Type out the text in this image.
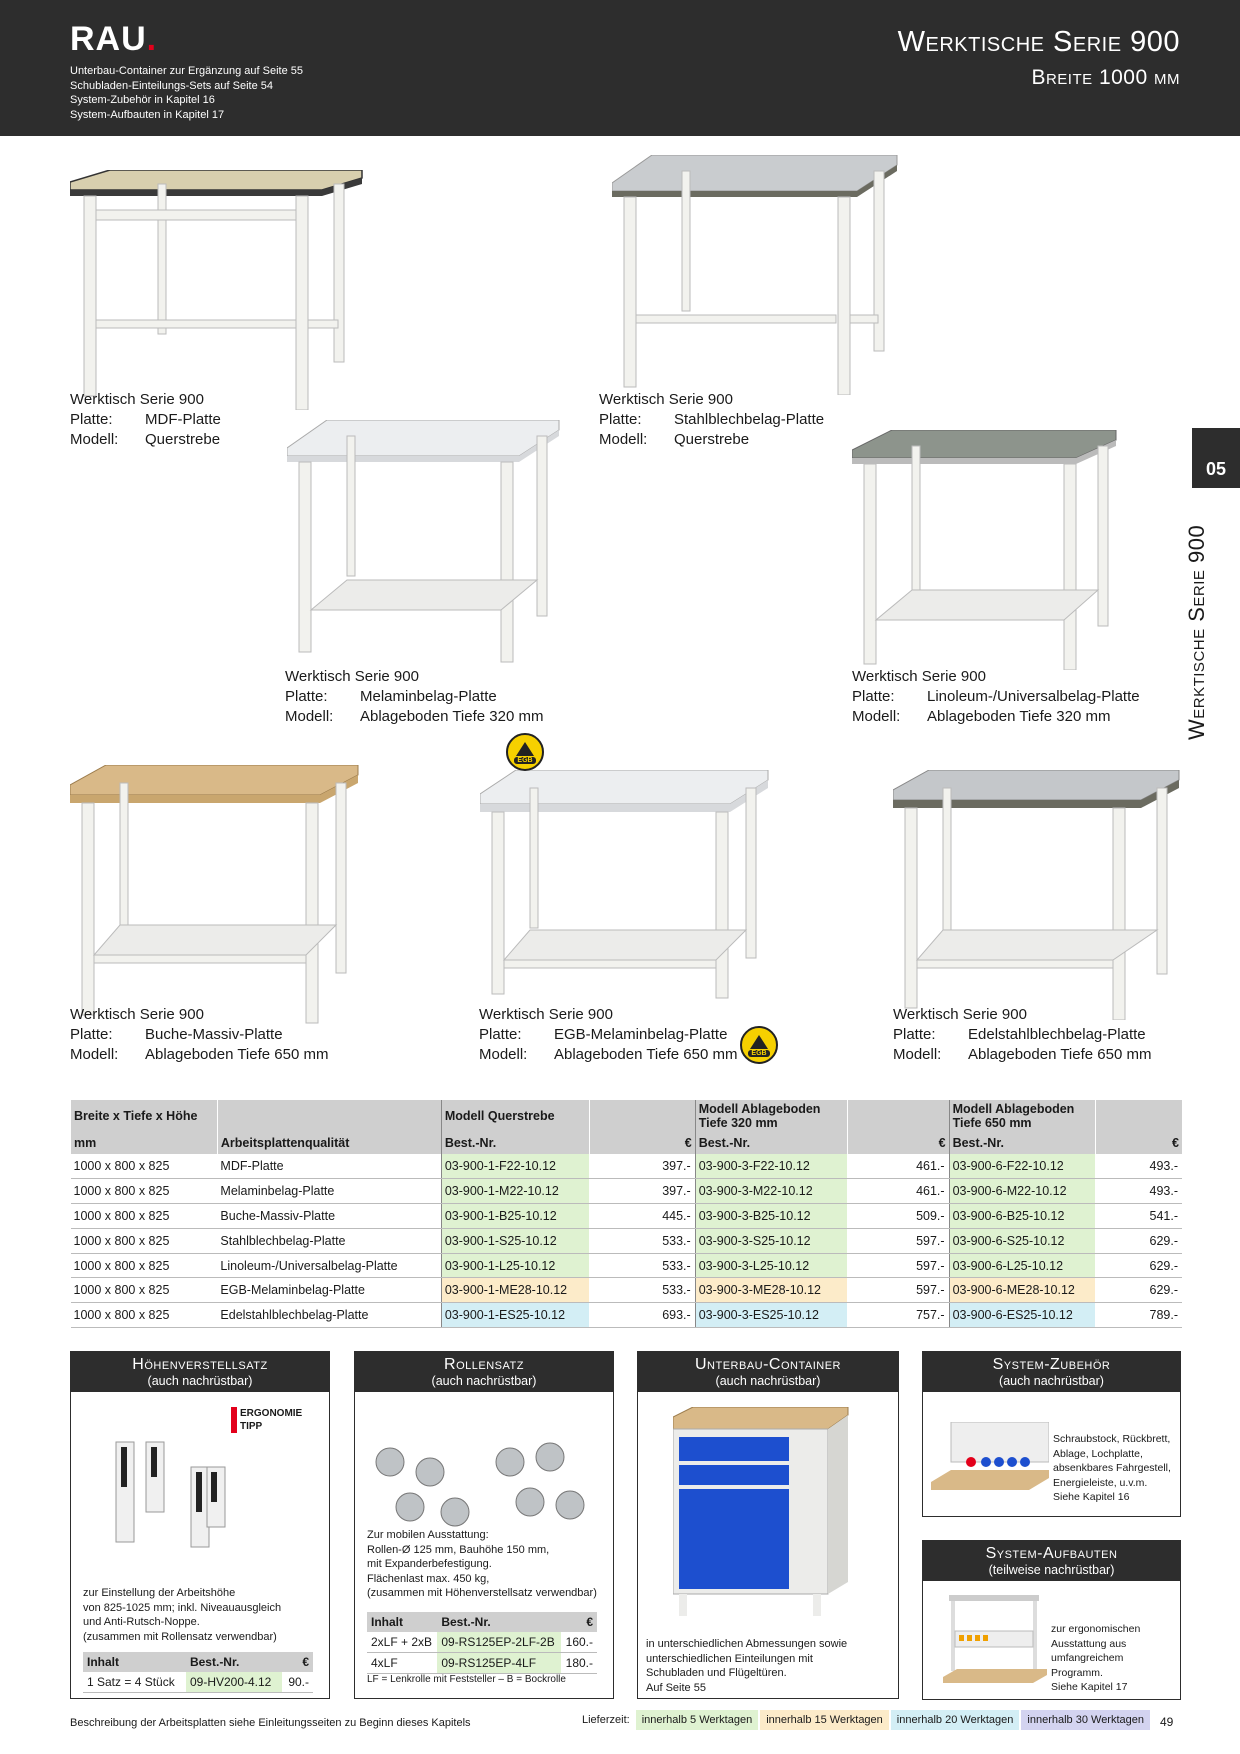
RAU.
Unterbau-Container zur Ergänzung auf Seite 55
Schubladen-Einteilungs-Sets auf Seite 54
System-Zubehör in Kapitel 16
System-Aufbauten in Kapitel 17
Werktische Serie 900
Breite 1000 mm
05
Werktische Serie 900
EGB
EGB
Werktisch Serie 900
Platte:	MDF-Platte
Modell:	Querstrebe
Werktisch Serie 900
Platte:	Stahlblechbelag-Platte
Modell:	Querstrebe
Werktisch Serie 900
Platte:	Melaminbelag-Platte
Modell:	Ablageboden Tiefe 320 mm
Werktisch Serie 900
Platte:	Linoleum-/Universalbelag-Platte
Modell:	Ablageboden Tiefe 320 mm
Werktisch Serie 900
Platte:	Buche-Massiv-Platte
Modell:	Ablageboden Tiefe 650 mm
Werktisch Serie 900
Platte:	EGB-Melaminbelag-Platte
Modell:	Ablageboden Tiefe 650 mm
Werktisch Serie 900
Platte:	Edelstahlblechbelag-Platte
Modell:	Ablageboden Tiefe 650 mm
Breite x Tiefe x Höhe		Modell Querstrebe		Modell Ablageboden Tiefe 320 mm		Modell Ablageboden Tiefe 650 mm	
mm	Arbeitsplattenqualität	Best.-Nr.	€	Best.-Nr.	€	Best.-Nr.	€
1000 x 800 x 825	MDF-Platte	03-900-1-F22-10.12	397.-	03-900-3-F22-10.12	461.-	03-900-6-F22-10.12	493.-
1000 x 800 x 825	Melaminbelag-Platte	03-900-1-M22-10.12	397.-	03-900-3-M22-10.12	461.-	03-900-6-M22-10.12	493.-
1000 x 800 x 825	Buche-Massiv-Platte	03-900-1-B25-10.12	445.-	03-900-3-B25-10.12	509.-	03-900-6-B25-10.12	541.-
1000 x 800 x 825	Stahlblechbelag-Platte	03-900-1-S25-10.12	533.-	03-900-3-S25-10.12	597.-	03-900-6-S25-10.12	629.-
1000 x 800 x 825	Linoleum-/Universalbelag-Platte	03-900-1-L25-10.12	533.-	03-900-3-L25-10.12	597.-	03-900-6-L25-10.12	629.-
1000 x 800 x 825	EGB-Melaminbelag-Platte	03-900-1-ME28-10.12	533.-	03-900-3-ME28-10.12	597.-	03-900-6-ME28-10.12	629.-
1000 x 800 x 825	Edelstahlblechbelag-Platte	03-900-1-ES25-10.12	693.-	03-900-3-ES25-10.12	757.-	03-900-6-ES25-10.12	789.-
Höhenverstellsatz
(auch nachrüstbar)
ERGONOMIE
TIPP
zur Einstellung der Arbeitshöhe
von 825-1025 mm; inkl. Niveauausgleich
und Anti-Rutsch-Noppe.
(zusammen mit Rollensatz verwendbar)
Inhalt	Best.-Nr.	€
1 Satz = 4 Stück	09-HV200-4.12	90.-
Rollensatz
(auch nachrüstbar)
Zur mobilen Ausstattung:
Rollen-Ø 125 mm, Bauhöhe 150 mm,
mit Expanderbefestigung.
Flächenlast max. 450 kg,
(zusammen mit Höhenverstellsatz verwendbar)
Inhalt	Best.-Nr.	€
2xLF + 2xB	09-RS125EP-2LF-2B	160.-
4xLF	09-RS125EP-4LF	180.-
LF = Lenkrolle mit Feststeller – B = Bockrolle
Unterbau-Container
(auch nachrüstbar)
in unterschiedlichen Abmessungen sowie
unterschiedlichen Einteilungen mit
Schubladen und Flügeltüren.
Auf Seite 55
System-Zubehör
(auch nachrüstbar)
Schraubstock, Rückbrett,
Ablage, Lochplatte,
absenkbares Fahrgestell,
Energieleiste, u.v.m.
Siehe Kapitel 16
System-Aufbauten
(teilweise nachrüstbar)
zur ergonomischen
Ausstattung aus
umfangreichem
Programm.
Siehe Kapitel 17
Beschreibung der Arbeitsplatten siehe Einleitungsseiten zu Beginn dieses Kapitels	Lieferzeit:	innerhalb 5 Werktagen	innerhalb 15 Werktagen	innerhalb 20 Werktagen	innerhalb 30 Werktagen	49
